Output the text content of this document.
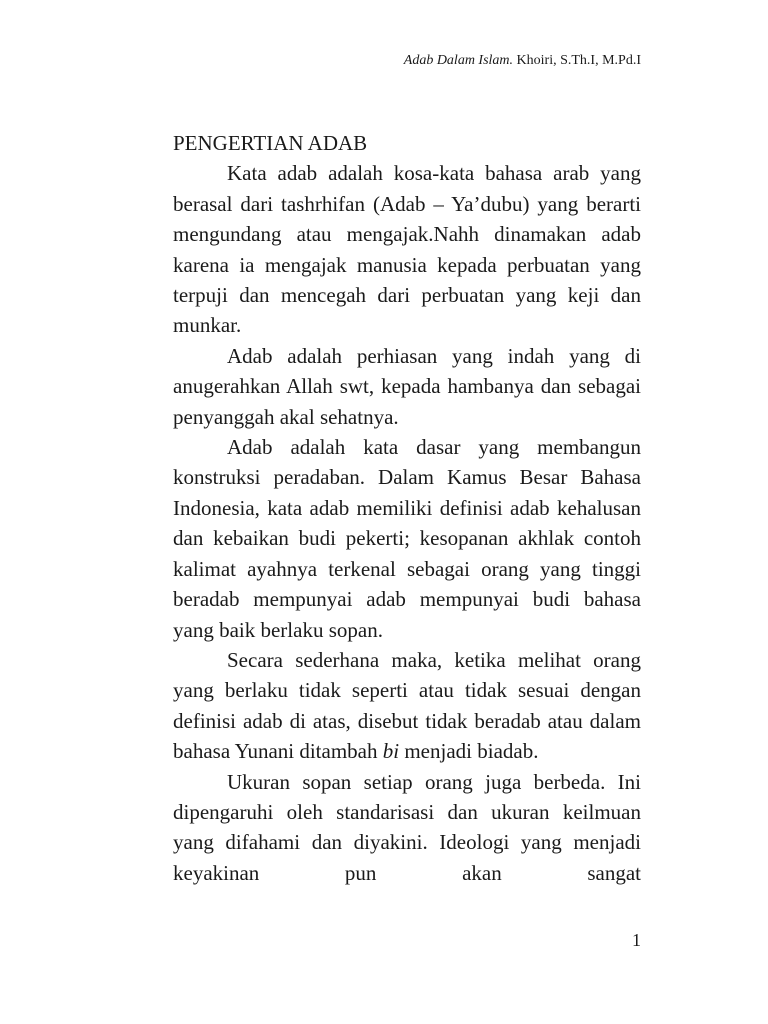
Adab Dalam Islam. Khoiri, S.Th.I, M.Pd.I
PENGERTIAN ADAB

Kata adab adalah kosa-kata bahasa arab yang berasal dari tashrhifan (Adab – Ya’dubu) yang berarti mengundang atau mengajak.Nahh dinamakan adab karena ia mengajak manusia kepada perbuatan yang terpuji dan mencegah dari perbuatan yang keji dan munkar.

Adab adalah perhiasan yang indah yang di anugerahkan Allah swt, kepada hambanya dan sebagai penyanggah akal sehatnya.

Adab adalah kata dasar yang membangun konstruksi peradaban. Dalam Kamus Besar Bahasa Indonesia, kata adab memiliki definisi adab kehalusan dan kebaikan budi pekerti; kesopanan akhlak contoh kalimat ayahnya terkenal sebagai orang yang tinggi beradab mempunyai adab mempunyai budi bahasa yang baik berlaku sopan.

Secara sederhana maka, ketika melihat orang yang berlaku tidak seperti atau tidak sesuai dengan definisi adab di atas, disebut tidak beradab atau dalam bahasa Yunani ditambah bi menjadi biadab.

Ukuran sopan setiap orang juga berbeda. Ini dipengaruhi oleh standarisasi dan ukuran keilmuan yang difahami dan diyakini. Ideologi yang menjadi keyakinan pun akan sangat

1
